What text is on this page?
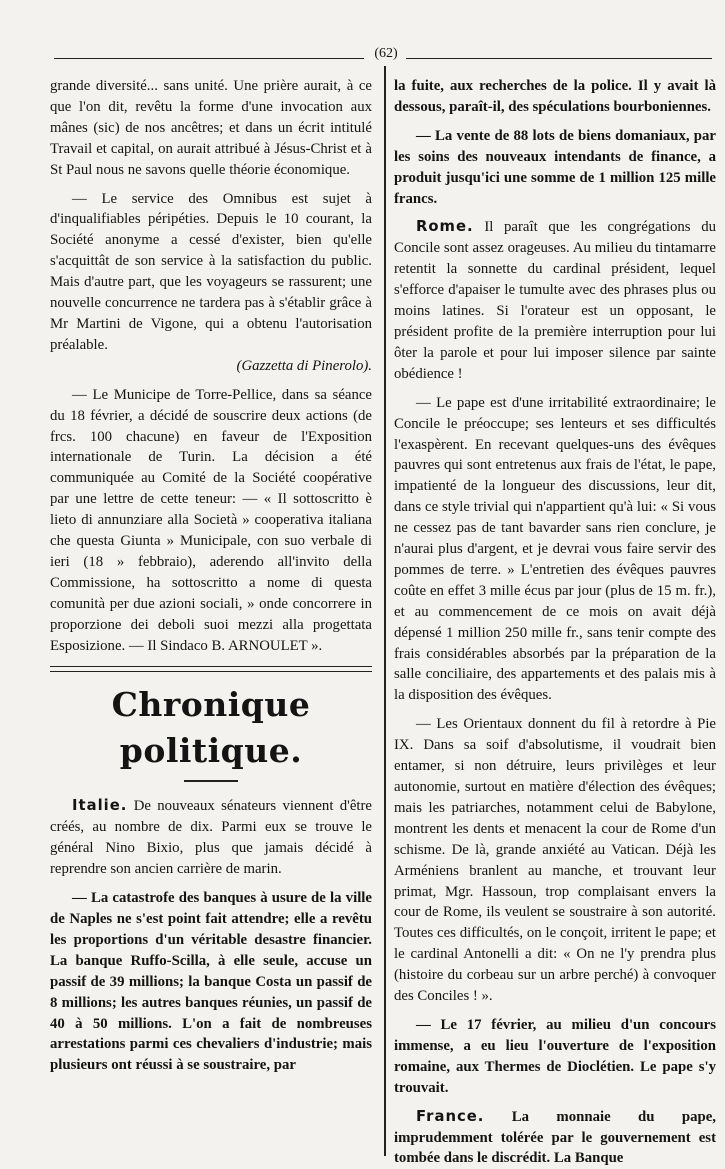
(62)

grande diversité... sans unité. Une prière aurait, à ce que l'on dit, revêtu la forme d'une invocation aux mânes (sic) de nos ancêtres; et dans un écrit intitulé Travail et capital, on aurait attribué à Jésus-Christ et à St Paul nous ne savons quelle théorie économique.

— Le service des Omnibus est sujet à d'inqualifiables péripéties. Depuis le 10 courant, la Société anonyme a cessé d'exister, bien qu'elle s'acquittât de son service à la satisfaction du public. Mais d'autre part, que les voyageurs se rassurent; une nouvelle concurrence ne tardera pas à s'établir grâce à Mr Martini de Vigone, qui a obtenu l'autorisation préalable.

(Gazzetta di Pinerolo).

— Le Municipe de Torre-Pellice, dans sa séance du 18 février, a décidé de souscrire deux actions (de frcs. 100 chacune) en faveur de l'Exposition internationale de Turin. La décision a été communiquée au Comité de la Société coopérative par une lettre de cette teneur: — « Il sottoscritto è lieto di annunziare alla Società » cooperativa italiana che questa Giunta » Municipale, con suo verbale di ieri (18 » febbraio), aderendo all'invito della Commissione, ha sottoscritto a nome di questa comunità per due azioni sociali, » onde concorrere in proporzione dei deboli suoi mezzi alla progettata Esposizione. — Il Sindaco B. ARNOULET ».

Chronique politique.

Italie. De nouveaux sénateurs viennent d'être créés, au nombre de dix. Parmi eux se trouve le général Nino Bixio, plus que jamais décidé à reprendre son ancien carrière de marin.

— La catastrofe des banques à usure de la ville de Naples ne s'est point fait attendre; elle a revêtu les proportions d'un véritable desastre financier. La banque Ruffo-Scilla, à elle seule, accuse un passif de 39 millions; la banque Costa un passif de 8 millions; les autres banques réunies, un passif de 40 à 50 millions. L'on a fait de nombreuses arrestations parmi ces chevaliers d'industrie; mais plusieurs ont réussi à se soustraire, par

la fuite, aux recherches de la police. Il y avait là dessous, paraît-il, des spéculations bourboniennes.

— La vente de 88 lots de biens domaniaux, par les soins des nouveaux intendants de finance, a produit jusqu'ici une somme de 1 million 125 mille francs.

Rome. Il paraît que les congrégations du Concile sont assez orageuses. Au milieu du tintamarre retentit la sonnette du cardinal président, lequel s'efforce d'apaiser le tumulte avec des phrases plus ou moins latines. Si l'orateur est un opposant, le président profite de la première interruption pour lui ôter la parole et pour lui imposer silence par sainte obédience !

— Le pape est d'une irritabilité extraordinaire; le Concile le préoccupe; ses lenteurs et ses difficultés l'exaspèrent. En recevant quelques-uns des évêques pauvres qui sont entretenus aux frais de l'état, le pape, impatienté de la longueur des discussions, leur dit, dans ce style trivial qui n'appartient qu'à lui: « Si vous ne cessez pas de tant bavarder sans rien conclure, je n'aurai plus d'argent, et je devrai vous faire servir des pommes de terre. » L'entretien des évêques pauvres coûte en effet 3 mille écus par jour (plus de 15 m. fr.), et au commencement de ce mois on avait déjà dépensé 1 million 250 mille fr., sans tenir compte des frais considérables absorbés par la préparation de la salle conciliaire, des appartements et des palais mis à la disposition des évêques.

— Les Orientaux donnent du fil à retordre à Pie IX. Dans sa soif d'absolutisme, il voudrait bien entamer, si non détruire, leurs privilèges et leur autonomie, surtout en matière d'élection des évêques; mais les patriarches, notamment celui de Babylone, montrent les dents et menacent la cour de Rome d'un schisme. De là, grande anxiété au Vatican. Déjà les Arméniens branlent au manche, et trouvant leur primat, Mgr. Hassoun, trop complaisant envers la cour de Rome, ils veulent se soustraire à son autorité. Toutes ces difficultés, on le conçoit, irritent le pape; et le cardinal Antonelli a dit: « On ne l'y prendra plus (histoire du corbeau sur un arbre perché) à convoquer des Conciles ! ».

— Le 17 février, au milieu d'un concours immense, a eu lieu l'ouverture de l'exposition romaine, aux Thermes de Dioclétien. Le pape s'y trouvait.

France. La monnaie du pape, imprudemment tolérée par le gouvernement est tombée dans le discrédit. La Banque
